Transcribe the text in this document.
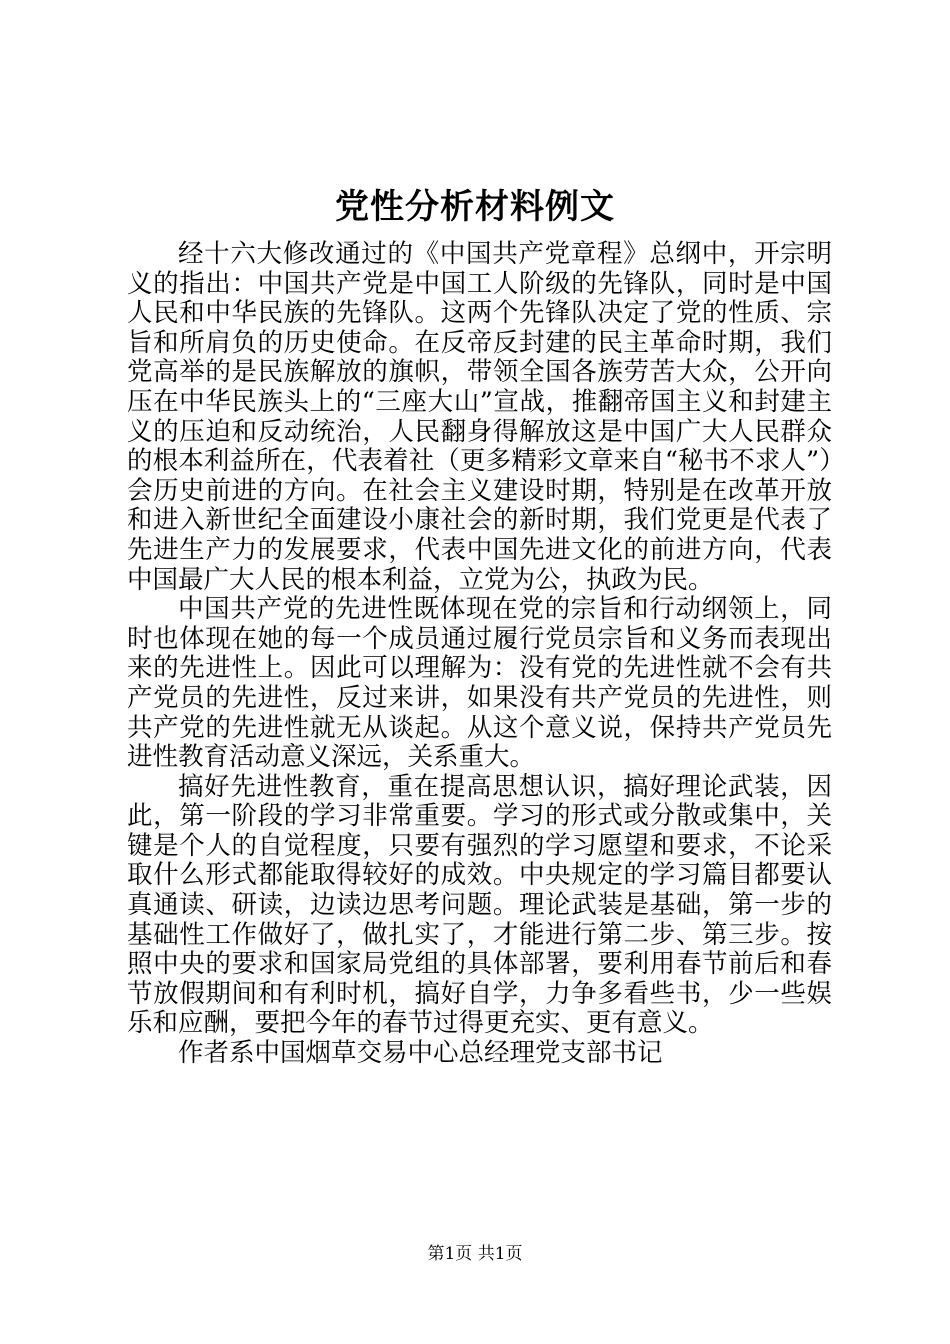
党性分析材料例文

经十六大修改通过的《中国共产党章程》总纲中，开宗明义的指出：中国共产党是中国工人阶级的先锋队，同时是中国人民和中华民族的先锋队。这两个先锋队决定了党的性质、宗旨和所肩负的历史使命。在反帝反封建的民主革命时期，我们党高举的是民族解放的旗帜，带领全国各族劳苦大众，公开向压在中华民族头上的“三座大山”宣战，推翻帝国主义和封建主义的压迫和反动统治，人民翻身得解放这是中国广大人民群众的根本利益所在，代表着社（更多精彩文章来自“秘书不求人”）会历史前进的方向。在社会主义建设时期，特别是在改革开放和进入新世纪全面建设小康社会的新时期，我们党更是代表了先进生产力的发展要求，代表中国先进文化的前进方向，代表中国最广大人民的根本利益，立党为公，执政为民。

中国共产党的先进性既体现在党的宗旨和行动纲领上，同时也体现在她的每一个成员通过履行党员宗旨和义务而表现出来的先进性上。因此可以理解为：没有党的先进性就不会有共产党员的先进性，反过来讲，如果没有共产党员的先进性，则共产党的先进性就无从谈起。从这个意义说，保持共产党员先进性教育活动意义深远，关系重大。

搞好先进性教育，重在提高思想认识，搞好理论武装，因此，第一阶段的学习非常重要。学习的形式或分散或集中，关键是个人的自觉程度，只要有强烈的学习愿望和要求，不论采取什么形式都能取得较好的成效。中央规定的学习篇目都要认真通读、研读，边读边思考问题。理论武装是基础，第一步的基础性工作做好了，做扎实了，才能进行第二步、第三步。按照中央的要求和国家局党组的具体部署，要利用春节前后和春节放假期间和有利时机，搞好自学，力争多看些书，少一些娱乐和应酬，要把今年的春节过得更充实、更有意义。

作者系中国烟草交易中心总经理党支部书记

第1页 共1页
